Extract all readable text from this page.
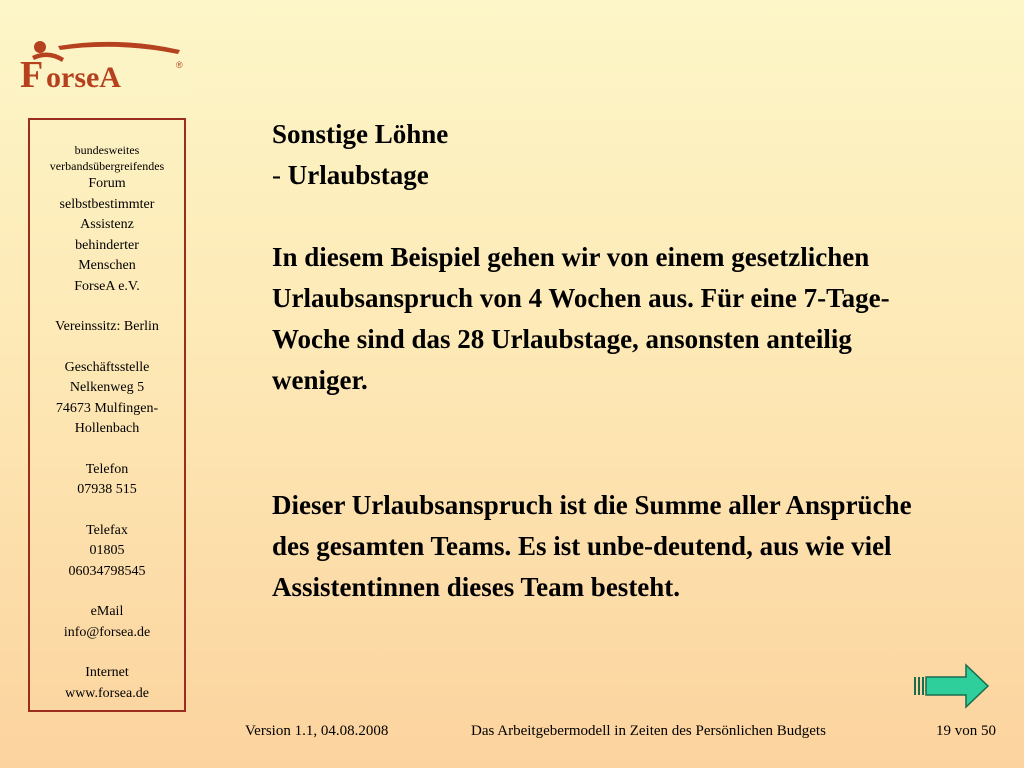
F orseA	®
bundesweites
verbandsübergreifendes
Forum
selbstbestimmter
Assistenz
behinderter
Menschen
ForseA e.V.
Vereinssitz: Berlin
Geschäftsstelle
Nelkenweg 5
74673 Mulfingen-
Hollenbach
Telefon
07938 515
Telefax
01805
06034798545
eMail
info@forsea.de
Internet
www.forsea.de

Sonstige Löhne

- Urlaubstage

In diesem Beispiel gehen wir von einem gesetzlichen Urlaubsanspruch von 4 Wochen aus. Für eine 7-Tage-Woche sind das 28 Urlaubstage, ansonsten anteilig weniger.

Dieser Urlaubsanspruch ist die Summe aller Ansprüche des gesamten Teams. Es ist unbe-deutend, aus wie viel Assistentinnen dieses Team besteht.

Version 1.1, 04.08.2008	Das Arbeitgebermodell in Zeiten des Persönlichen Budgets	19 von 50
